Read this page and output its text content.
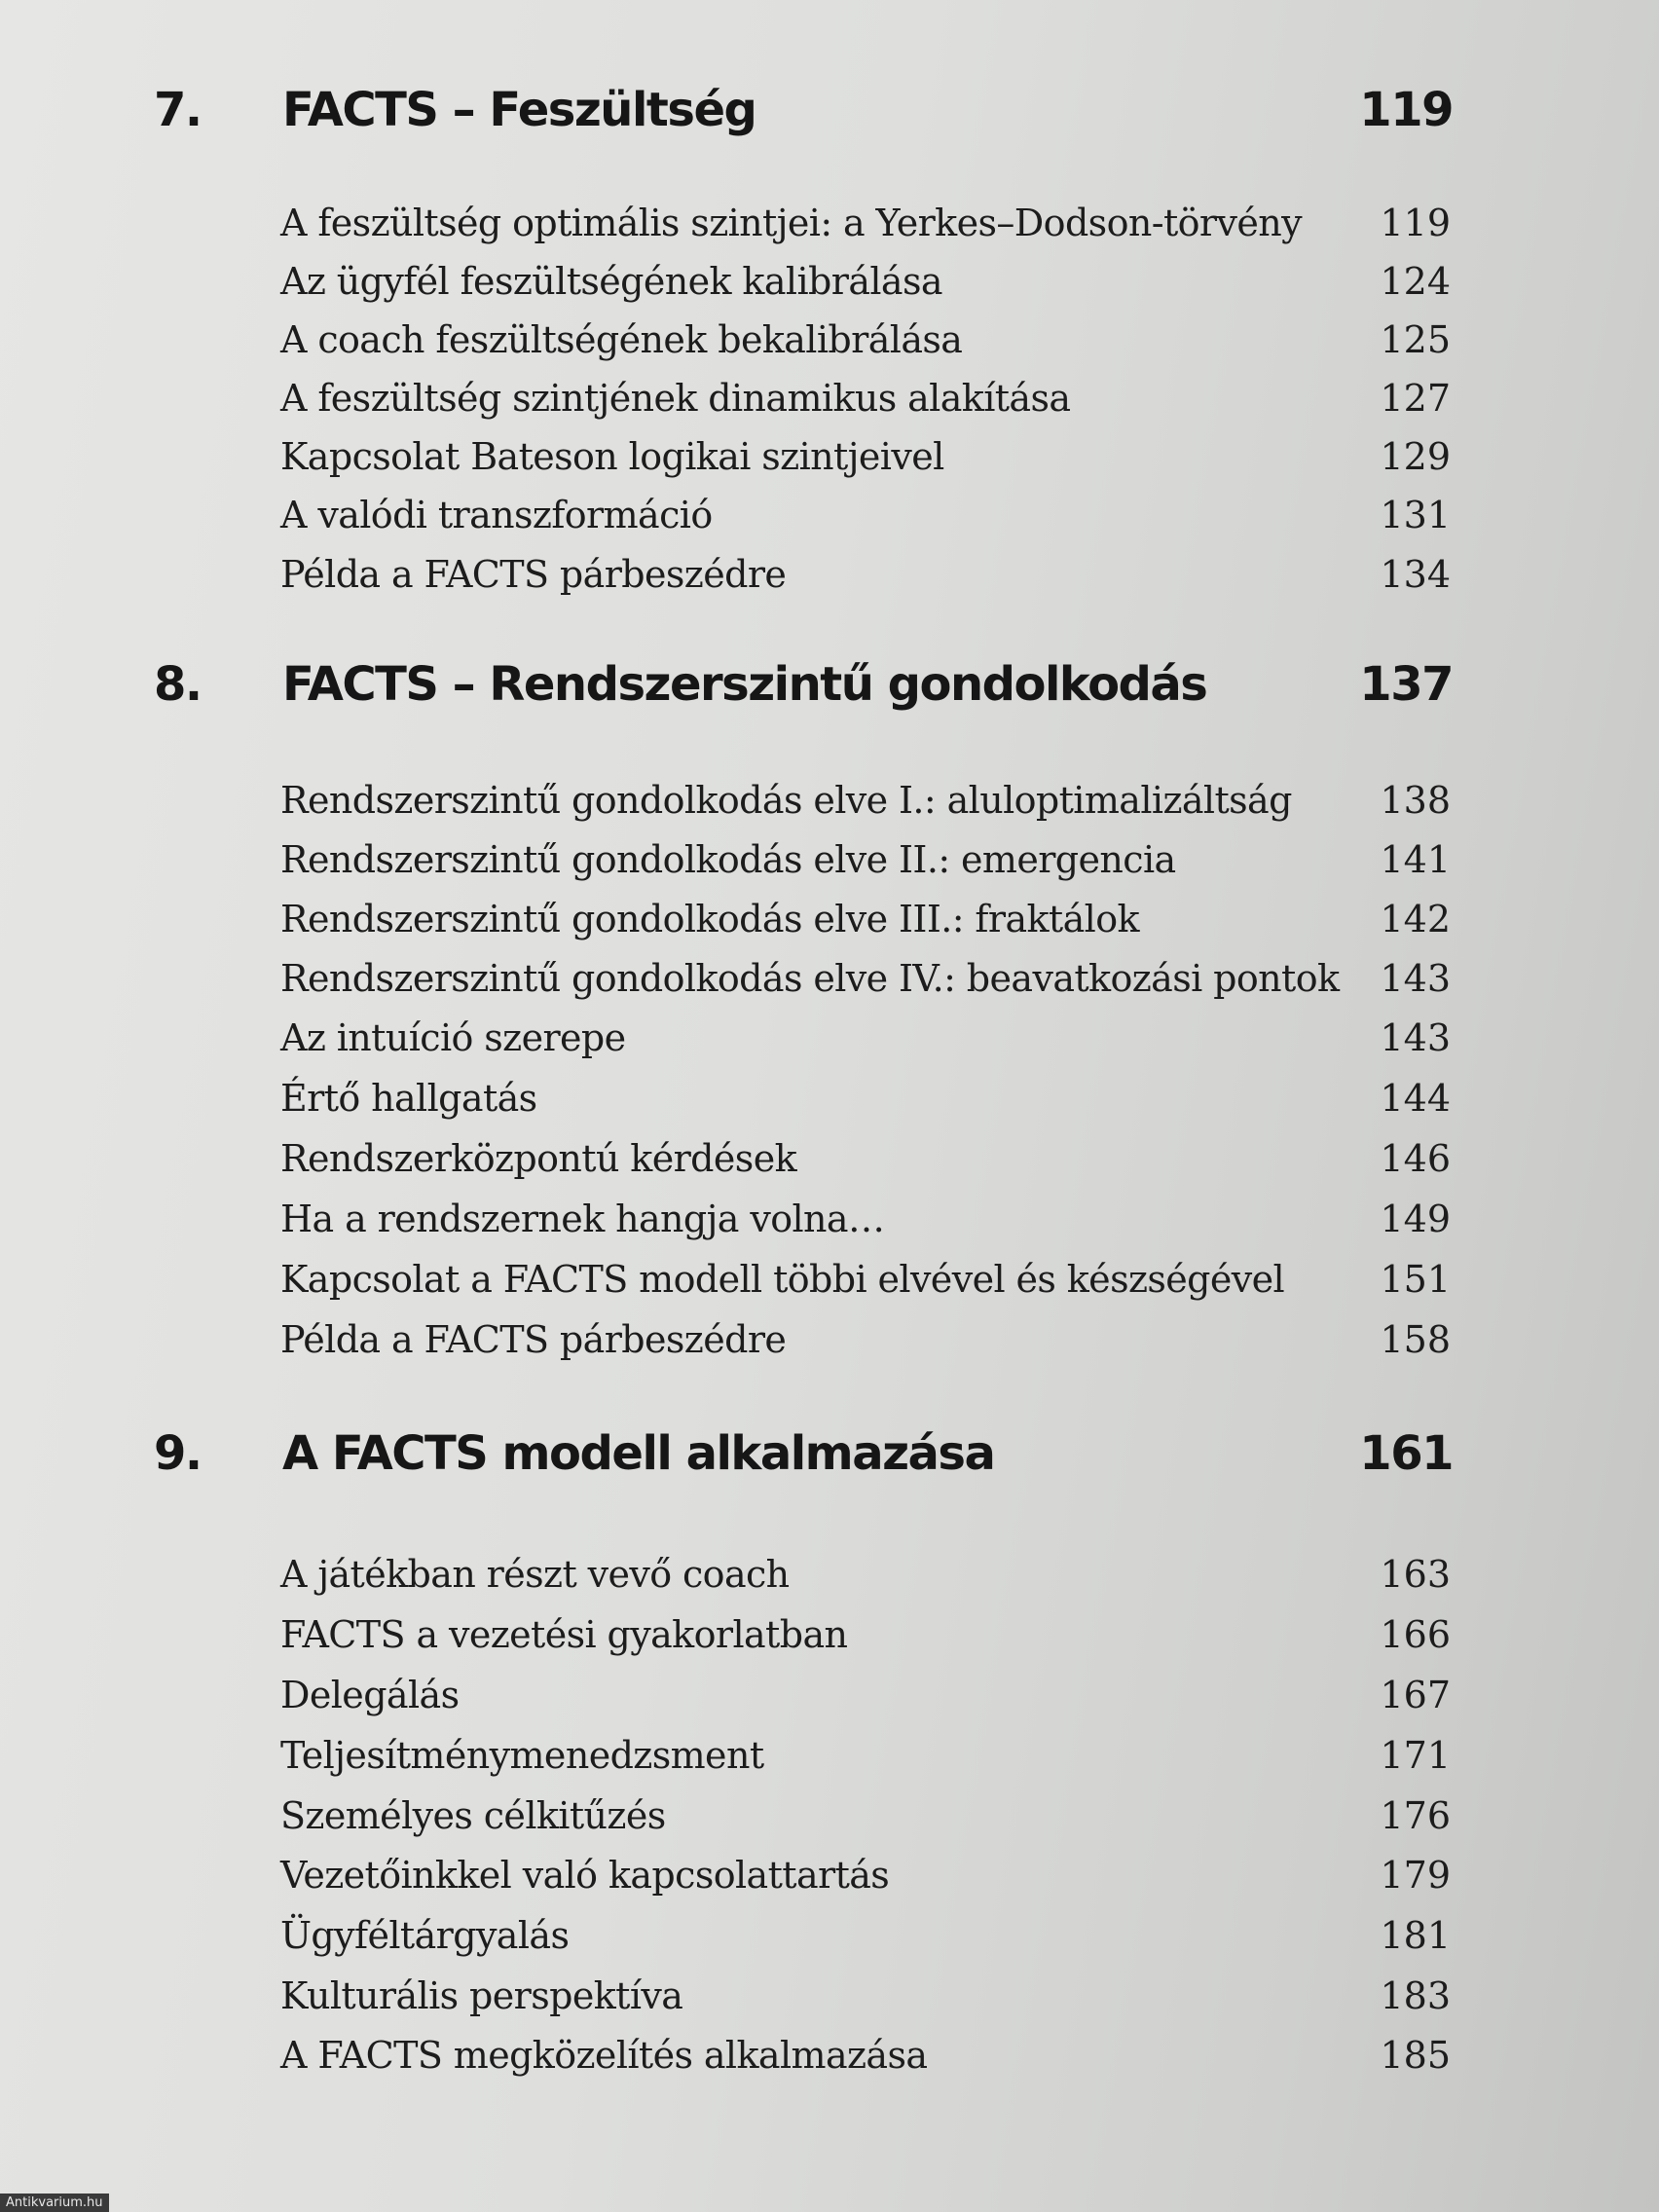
7. FACTS – Feszültség	119
A feszültség optimális szintjei: a Yerkes–Dodson-törvény 119
Az ügyfél feszültségének kalibrálása	124
A coach feszültségének bekalibrálása	125
A feszültség szintjének dinamikus alakítása	127
Kapcsolat Bateson logikai szintjeivel	129
A valódi transzformáció	131
Példa a FACTS párbeszédre	134
8. FACTS – Rendszerszintű gondolkodás	137
Rendszerszintű gondolkodás elve I.: aluloptimalizáltság 138
Rendszerszintű gondolkodás elve II.: emergencia	141
Rendszerszintű gondolkodás elve III.: fraktálok	142
Rendszerszintű gondolkodás elve IV.: beavatkozási pontok 143
Az intuíció szerepe	143
Értő hallgatás	144
Rendszerközpontú kérdések	146
Ha a rendszernek hangja volna…	149
Kapcsolat a FACTS modell többi elvével és készségével	151
Példa a FACTS párbeszédre	158
9. A FACTS modell alkalmazása	161
A játékban részt vevő coach	163
FACTS a vezetési gyakorlatban	166
Delegálás	167
Teljesítménymenedzsment	171
Személyes célkitűzés	176
Vezetőinkkel való kapcsolattartás	179
Ügyféltárgyalás	181
Kulturális perspektíva	183
A FACTS megközelítés alkalmazása	185
Antikvarium.hu
